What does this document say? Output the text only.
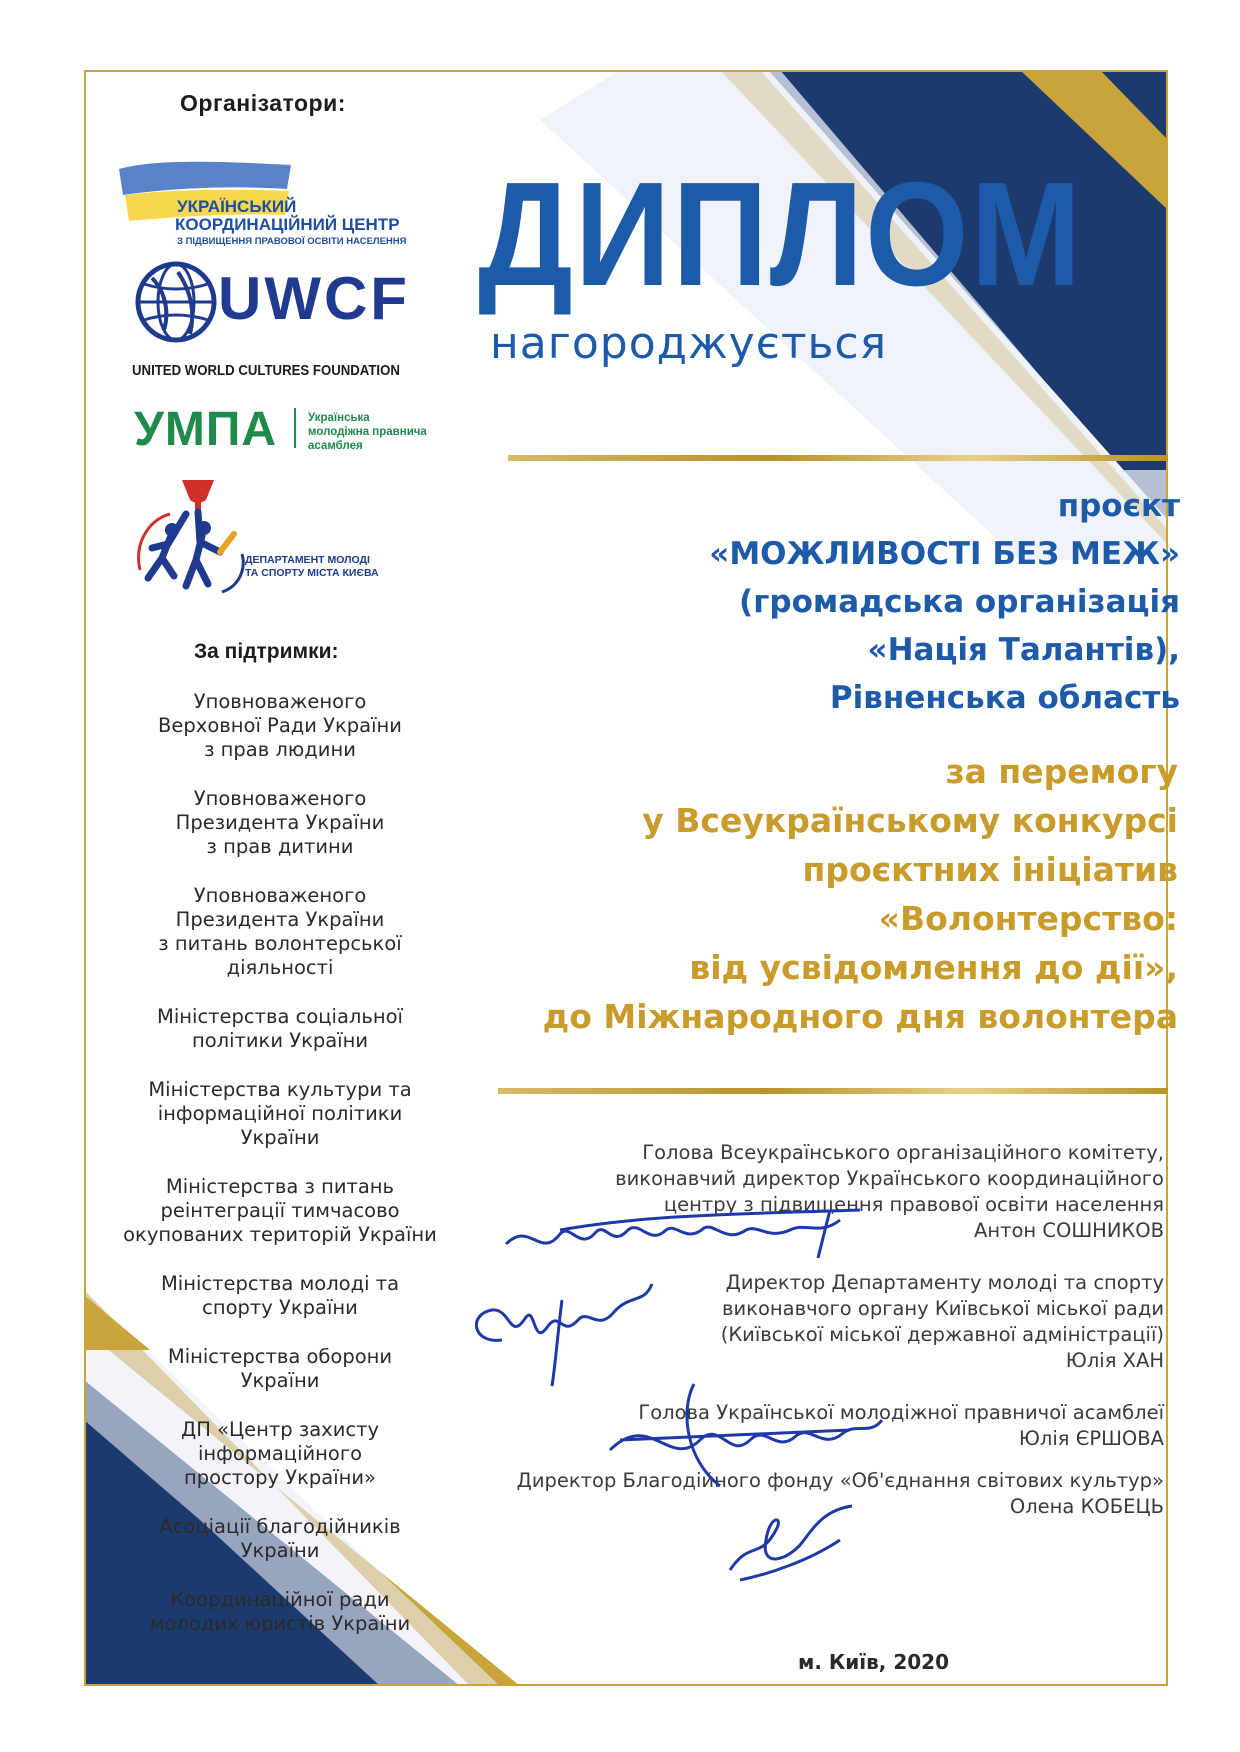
Організатори:
УКРАЇНСЬКИЙ
КООРДИНАЦІЙНИЙ ЦЕНТР
З ПІДВИЩЕННЯ ПРАВОВОЇ ОСВІТИ НАСЕЛЕННЯ
UWCF
UNITED WORLD CULTURES FOUNDATION
УМПА	Українська
молодіжна правнича
асамблея
ДЕПАРТАМЕНТ МОЛОДІ
ТА СПОРТУ МІСТА КИЄВА
За підтримки:
Уповноваженого
Верховної Ради України
з прав людини
Уповноваженого
Президента України
з прав дитини
Уповноваженого
Президента України
з питань волонтерської
діяльності
Міністерства соціальної
політики України
Міністерства культури та
інформаційної політики
України
Міністерства з питань
реінтеграції тимчасово
окупованих територій України
Міністерства молоді та
спорту України
Міністерства оборони
України
ДП «Центр захисту
інформаційного
простору України»
Асоціації благодійників
України
Координаційної ради
молодих юристів України
ДИПЛОМ
нагороджується
проєкт
«МОЖЛИВОСТІ БЕЗ МЕЖ»
(громадська організація
«Нація Талантів),
Рівненська область
за перемогу
у Всеукраїнському конкурсі
проєктних ініціатив
«Волонтерство:
від усвідомлення до дії»,
до Міжнародного дня волонтера
Голова Всеукраїнського організаційного комітету,
виконавчий директор Українського координаційного
центру з підвищення правової освіти населення
Антон СОШНИКОВ
Директор Департаменту молоді та спорту
виконавчого органу Київської міської ради
(Київської міської державної адміністрації)
Юлія ХАН
Голова Української молодіжної правничої асамблеї
Юлія ЄРШОВА
Директор Благодійного фонду «Об'єднання світових культур»
Олена КОБЕЦЬ
м. Київ, 2020
